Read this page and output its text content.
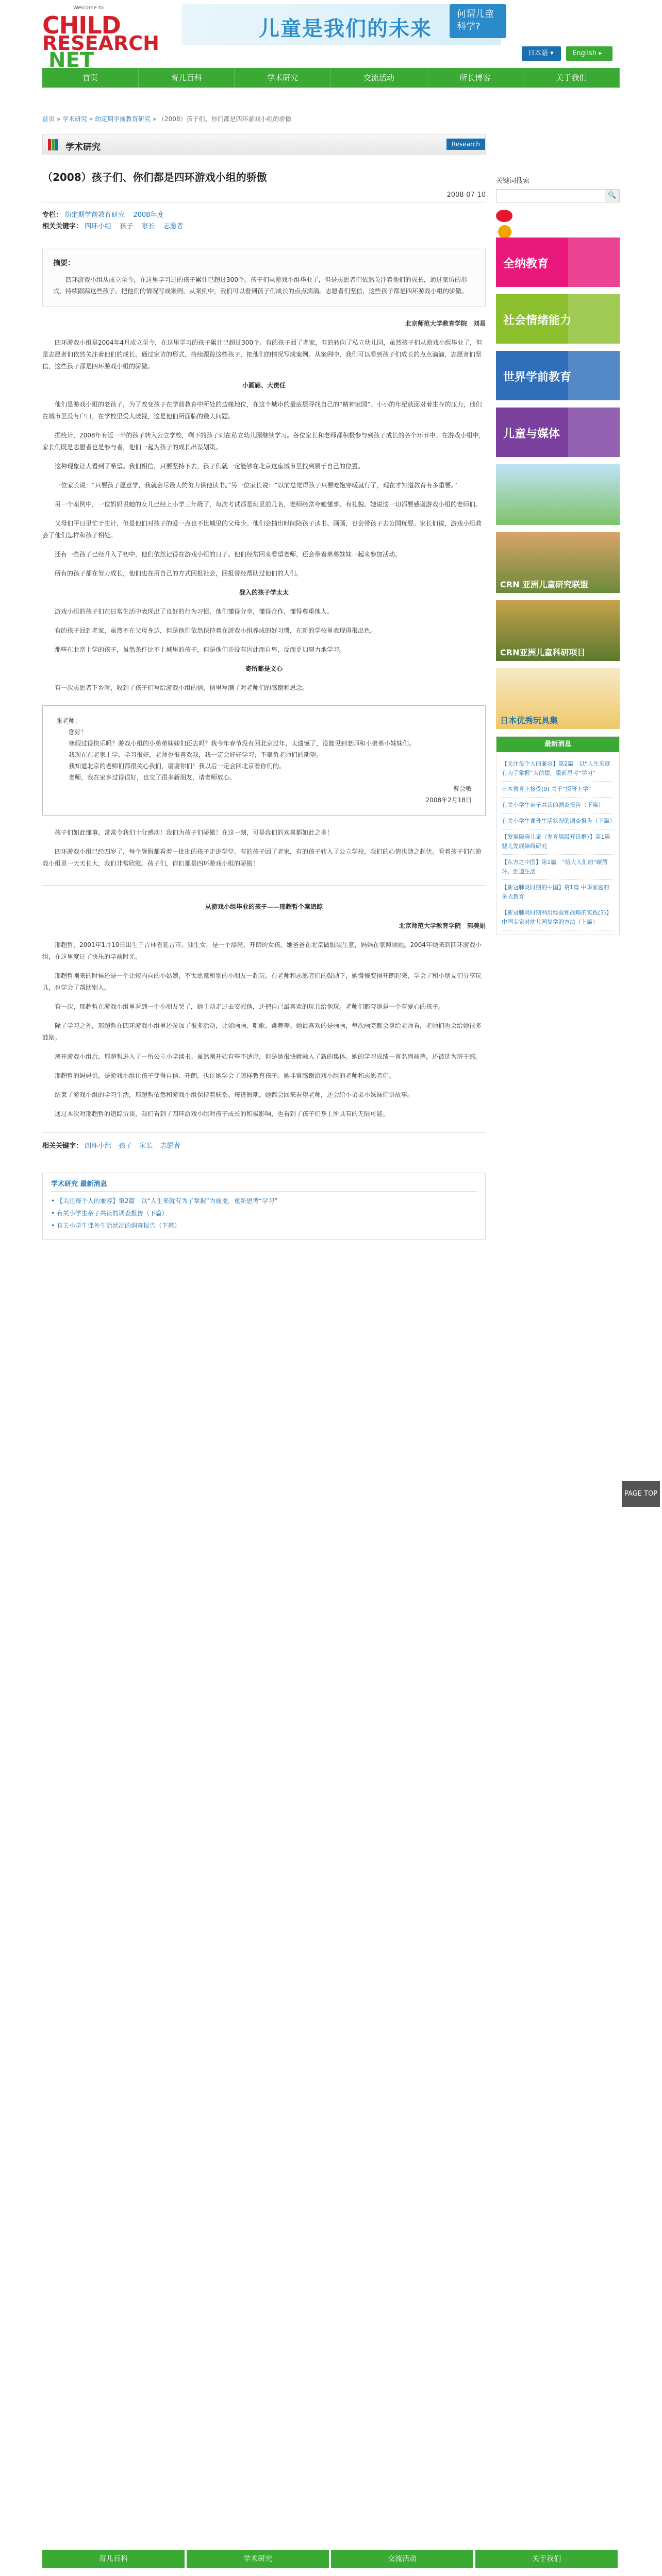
Welcome to
CHILD
RESEARCH
NET
儿童是我们的未来
何谓儿童科学?
日本語 ▾	English ▸
首页	育儿百科	学术研究	交流活动	所长博客	关于我们
首页 » 学术研究 » 幼定期学前教育研究 » （2008）孩子们、你们都是四环游戏小组的骄傲
学术研究	Research
（2008）孩子们、你们都是四环游戏小组的骄傲
2008-07-10
专栏： 幼定期学前教育研究 2008年度
相关关键字： 四环小组 孩子 家长 志愿者
摘要：

四环游戏小组从成立至今，在这里学习过的孩子累计已超过300个。孩子们从游戏小组毕业了，但是志愿者们依然关注着他们的成长，通过家访的形式，持续跟踪这些孩子。把他们的情况写成案例，从案例中，我们可以看到孩子们成长的点点滴滴。志愿者们坚信，这些孩子都是四环游戏小组的骄傲。

北京师范大学教育学院　刘易

四环游戏小组是2004年4月成立至今，在这里学习的孩子累计已超过300个。有的孩子回了老家，有的转向了私立幼儿园，虽然孩子们从游戏小组毕业了，但是志愿者们依然关注着他们的成长，通过家访的形式，持续跟踪这些孩子，把他们的情况写成案例。从案例中，我们可以看到孩子们成长的点点滴滴，志愿者们坚信，这些孩子都是四环游戏小组的骄傲。

小画廊、大责任

他们是游戏小组的老孩子，为了改变孩子在学前教育中所处的边缘地位，在这个城市的最底层寻找自己的“精神家园”。小小的年纪就面对着生存的压力，他们在城市里没有户口，在学校里受人歧视，这是他们所面临的最大问题。

据统计，2008年有近一半的孩子转入公立学校，剩下的孩子则在私立幼儿园继续学习。各位家长和老师都积极参与到孩子成长的各个环节中。在游戏小组中，家长们既是志愿者也是参与者，他们一起为孩子的成长出谋划策。

这种现象让人看到了希望。我们相信，只要坚持下去，孩子们就一定能够在北京这座城市里找到属于自己的位置。

一位家长说：“只要孩子愿意学，我就会尽最大的努力供他读书。”另一位家长说：“以前总觉得孩子只要吃饱穿暖就行了，现在才知道教育有多重要。”

另一个案例中，一位妈妈说她的女儿已经上小学三年级了，每次考试都是班里前几名，老师经常夸她懂事、有礼貌。她说这一切都要感谢游戏小组的老师们。

父母们平日里忙于生计，但是他们对孩子的爱一点也不比城里的父母少。他们会抽出时间陪孩子读书、画画，也会带孩子去公园玩耍。家长们说，游戏小组教会了他们怎样和孩子相处。

还有一些孩子已经升入了初中，他们依然记得在游戏小组的日子。他们经常回来看望老师，还会带着弟弟妹妹一起来参加活动。

所有的孩子都在努力成长，他们也在用自己的方式回报社会，回报曾经帮助过他们的人们。

登入的孩子学太太

游戏小组的孩子们在日常生活中表现出了良好的行为习惯，他们懂得分享，懂得合作，懂得尊重他人。

有的孩子回到老家，虽然不在父母身边，但是他们依然保持着在游戏小组养成的好习惯，在新的学校里表现得很出色。

那些在北京上学的孩子，虽然条件比不上城里的孩子，但是他们并没有因此而自卑，反而更加努力地学习。

寄所都是文心

有一次志愿者下乡时，收到了孩子们写给游戏小组的信，信里写满了对老师们的感谢和思念。

张老师：

您好！

寒假过得快乐吗？游戏小组的小弟弟妹妹们还去吗？我今年春节没有回北京过年，太遗憾了，没能见到老师和小弟弟小妹妹们。

我现在在老家上学，学习很好，老师也很喜欢我，我一定会好好学习，不辜负老师们的期望。

我知道北京的老师们都很关心我们，谢谢你们！我以后一定会回北京看你们的。

老师，我在家乡过得很好，也交了很多新朋友，请老师放心。

曹会敏

2008年2月18日

孩子们如此懂事，常常令我们十分感动！我们为孩子们骄傲！在这一刻，可是我们的欢喜都如此之多！

四环游戏小组已经四岁了，每个暑假都看着一批批的孩子走进学堂。有的孩子回了老家，有的孩子转入了公立学校，我们的心情也随之起伏。看着孩子们在游戏小组里一天天长大，我们非常欣慰。孩子们，你们都是四环游戏小组的骄傲！

从游戏小组毕业的孩子——邢超哲个案追踪

北京师范大学教育学院　郭美娟

邢超哲，2001年1月10日出生于吉林省延吉市。独生女，是一个漂亮、开朗的女孩。她爸爸在北京做服装生意，妈妈在家照顾她。2004年她来到四环游戏小组，在这里度过了快乐的学前时光。

邢超哲刚来的时候还是一个比较内向的小姑娘，不太愿意和别的小朋友一起玩。在老师和志愿者们的鼓励下，她慢慢变得开朗起来，学会了和小朋友们分享玩具，也学会了帮助别人。

有一次，邢超哲在游戏小组里看到一个小朋友哭了，她主动走过去安慰他，还把自己最喜欢的玩具给他玩。老师们都夸她是一个有爱心的孩子。

除了学习之外，邢超哲在四环游戏小组里还参加了很多活动，比如画画、唱歌、跳舞等。她最喜欢的是画画，每次画完都会拿给老师看，老师们也会给她很多鼓励。

离开游戏小组后，邢超哲进入了一所公立小学读书。虽然刚开始有些不适应，但是她很快就融入了新的集体。她的学习成绩一直名列前茅，还被选为班干部。

邢超哲的妈妈说，是游戏小组让孩子变得自信、开朗，也让她学会了怎样教育孩子。她非常感谢游戏小组的老师和志愿者们。

结束了游戏小组的学习生活，邢超哲依然和游戏小组保持着联系。每逢假期，她都会回来看望老师，还会给小弟弟小妹妹们讲故事。

通过本次对邢超哲的追踪访谈，我们看到了四环游戏小组对孩子成长的积极影响，也看到了孩子们身上所具有的无限可能。

相关关键字： 四环小组 孩子 家长 志愿者
学术研究 最新消息
• 【关注每个人的兼容】第2篇　以“人生来就有为了掌握”为前提，重新思考“学习”
• 有关小学生亲子共读的调查报告（下篇）
• 有关小学生课外生活状况的调查报告（下篇）
关键词搜索
🔍
全纳教育
社会情绪能力
世界学前教育
儿童与媒体
CRN 亚洲儿童研究联盟
CRN亚洲儿童科研项目
日本优秀玩具集
最新消息
【关注每个人的兼容】第2篇　以“人生来就有为了掌握”为前提，重新思考“学习”
日本教育上接受(9) 关于“探研上学”
有关小学生亲子共读的调查报告（下篇）
有关小学生课外生活状况的调查报告（下篇）
【发展障碍儿童（发育层级开设群）】第1篇 婴儿发展障碍研究
【东方之中国】第1篇　“给大人们的”碳循环、创造生活
【新冠肺炎时期的中国】第1篇 中华家庭的多式教育
【新冠肺炎时期利用经验和战略的实践(3)】中国专家对幼儿园复学的方法（上篇）
育儿百科	学术研究	交流活动	关于我们
PAGE TOP
